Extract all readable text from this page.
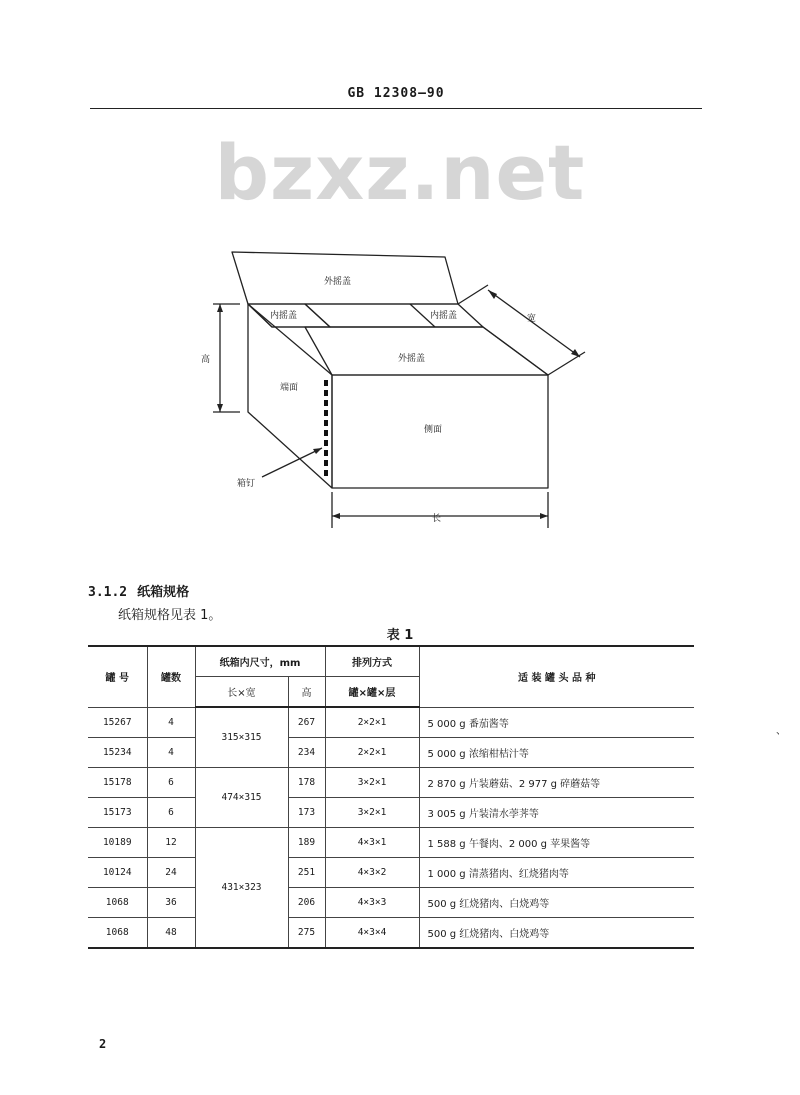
GB 12308—90
bzxz.net
外摇盖
内摇盖	内摇盖
外摇盖
端面
侧面
箱钉
高
宽
长
3.1.2 纸箱规格
纸箱规格见表 1。
表 1
罐 号	罐数	纸箱内尺寸，mm		排列方式	适 装 罐 头 品 种
		长×宽	高	罐×罐×层	
15267	4	315×315	267	2×2×1	5 000 g 番茄酱等
15234	4		234	2×2×1	5 000 g 浓缩柑桔汁等
15178	6	474×315	178	3×2×1	2 870 g 片装蘑菇、2 977 g 碎蘑菇等
15173	6		173	3×2×1	3 005 g 片装清水荸荠等
10189	12	431×323	189	4×3×1	1 588 g 午餐肉、2 000 g 苹果酱等
10124	24		251	4×3×2	1 000 g 清蒸猪肉、红烧猪肉等
1068	36		206	4×3×3	500 g 红烧猪肉、白烧鸡等
1068	48		275	4×3×4	500 g 红烧猪肉、白烧鸡等
、
2
